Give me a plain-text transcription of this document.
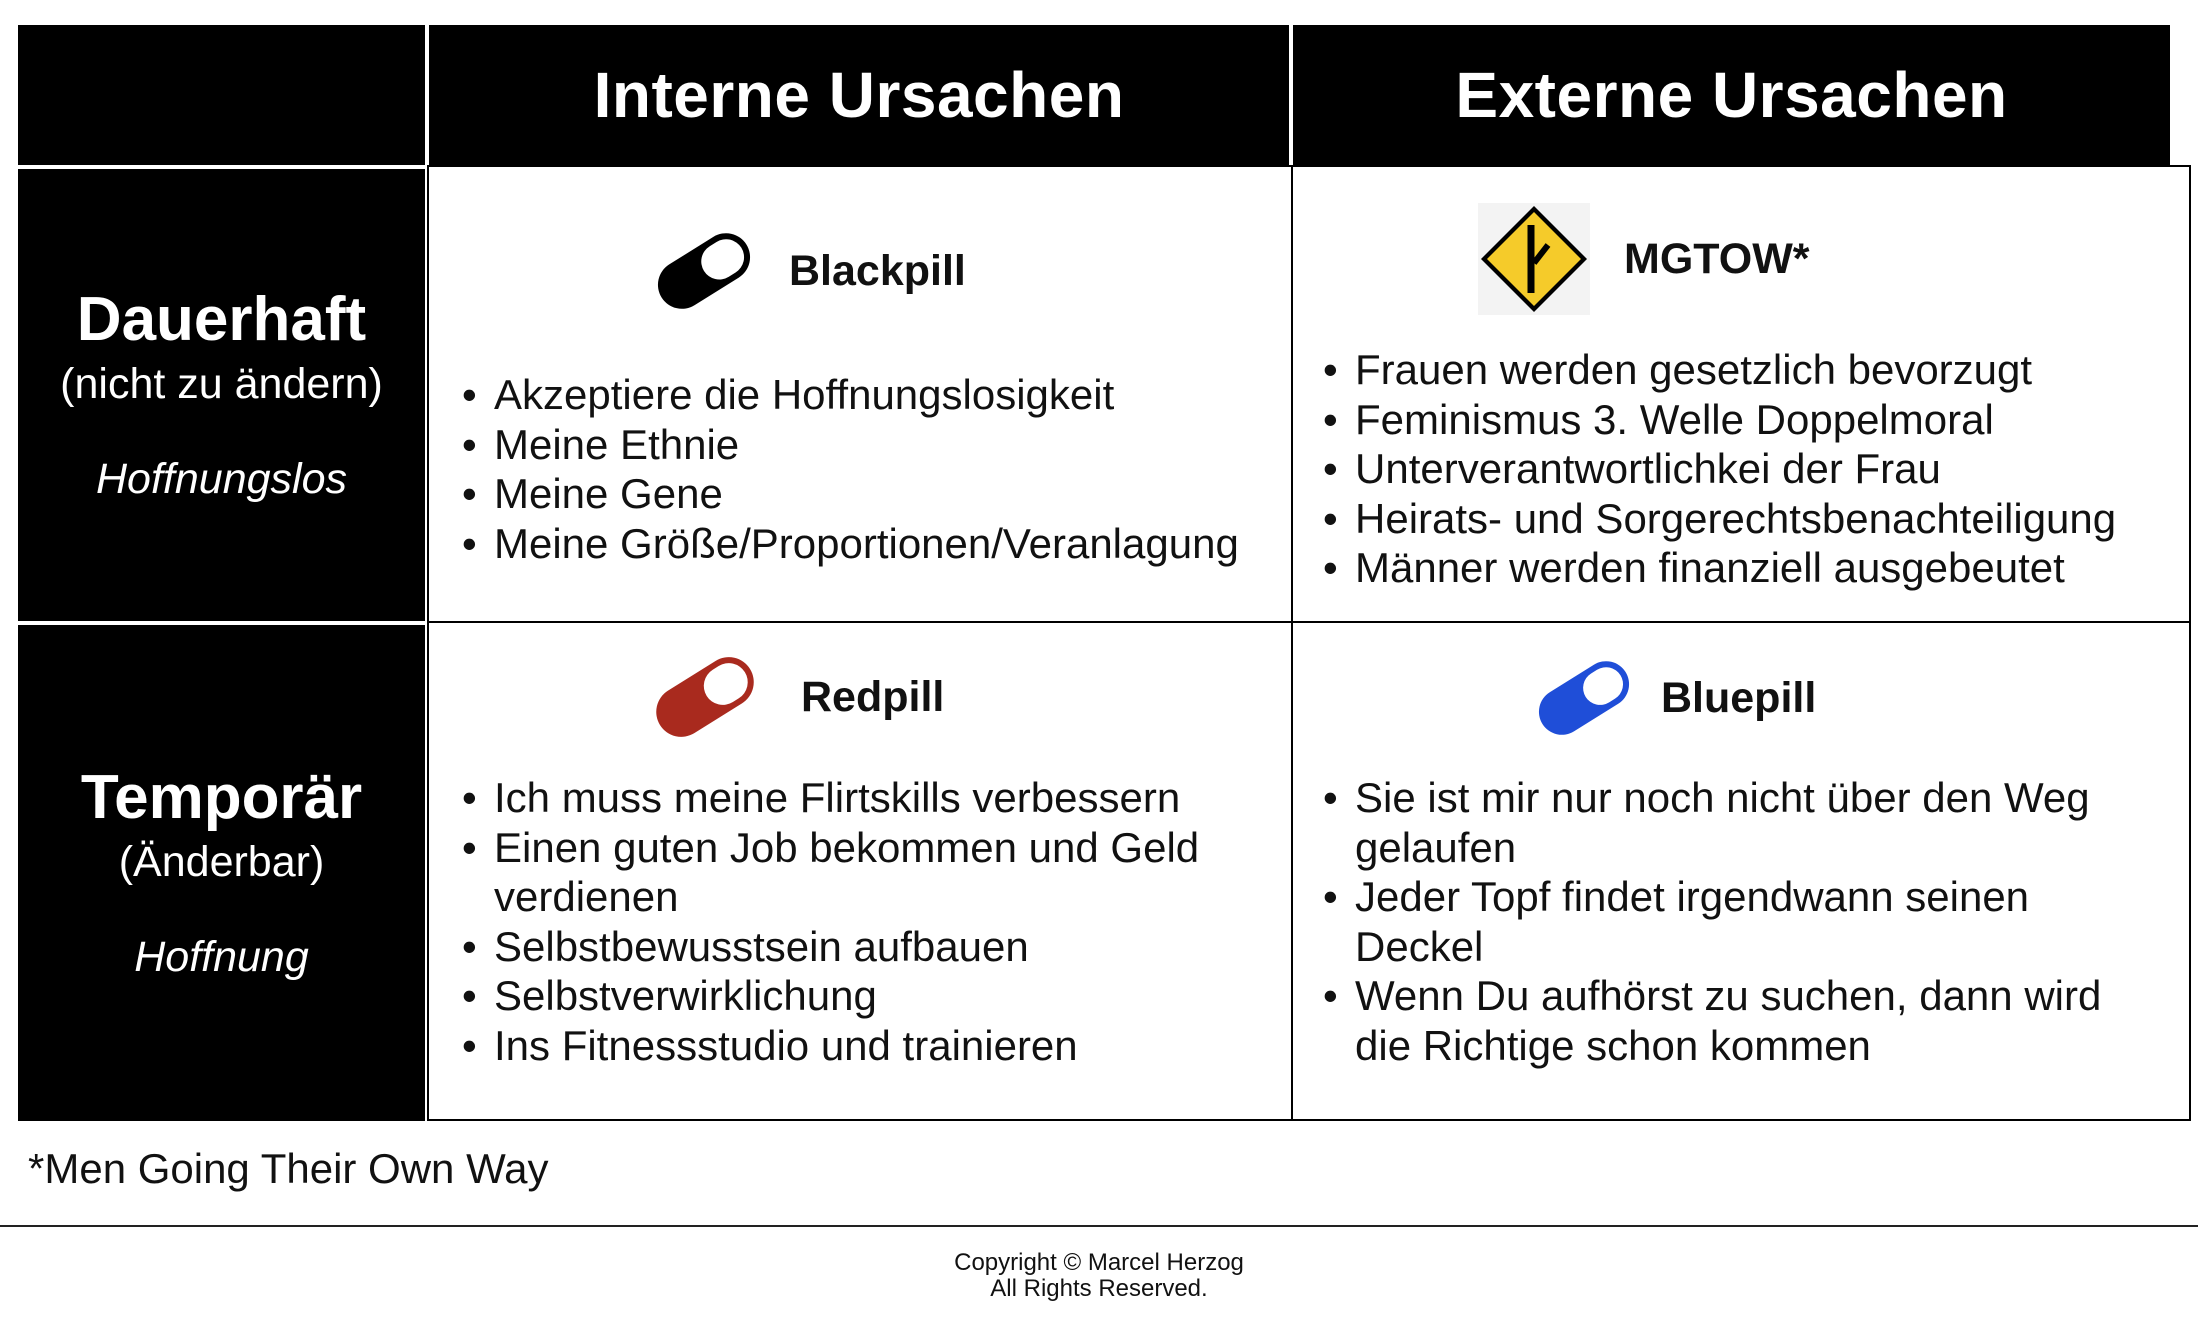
Interne Ursachen	Externe Ursachen
Dauerhaft
(nicht zu ändern)
Hoffnungslos
Temporär
(Änderbar)
Hoffnung
Blackpill
• Akzeptiere die Hoffnungslosigkeit
• Meine Ethnie
• Meine Gene
• Meine Größe/Proportionen/Veranlagung
MGTOW*
• Frauen werden gesetzlich bevorzugt
• Feminismus 3. Welle Doppelmoral
• Unterverantwortlichkei der Frau
• Heirats- und Sorgerechtsbenachteiligung
• Männer werden finanziell ausgebeutet
Redpill
• Ich muss meine Flirtskills verbessern
• Einen guten Job bekommen und Geld verdienen
• Selbstbewusstsein aufbauen
• Selbstverwirklichung
• Ins Fitnessstudio und trainieren
Bluepill
• Sie ist mir nur noch nicht über den Weg gelaufen
• Jeder Topf findet irgendwann seinen Deckel
• Wenn Du aufhörst zu suchen, dann wird die Richtige schon kommen
*Men Going Their Own Way
Copyright © Marcel Herzog
All Rights Reserved.
